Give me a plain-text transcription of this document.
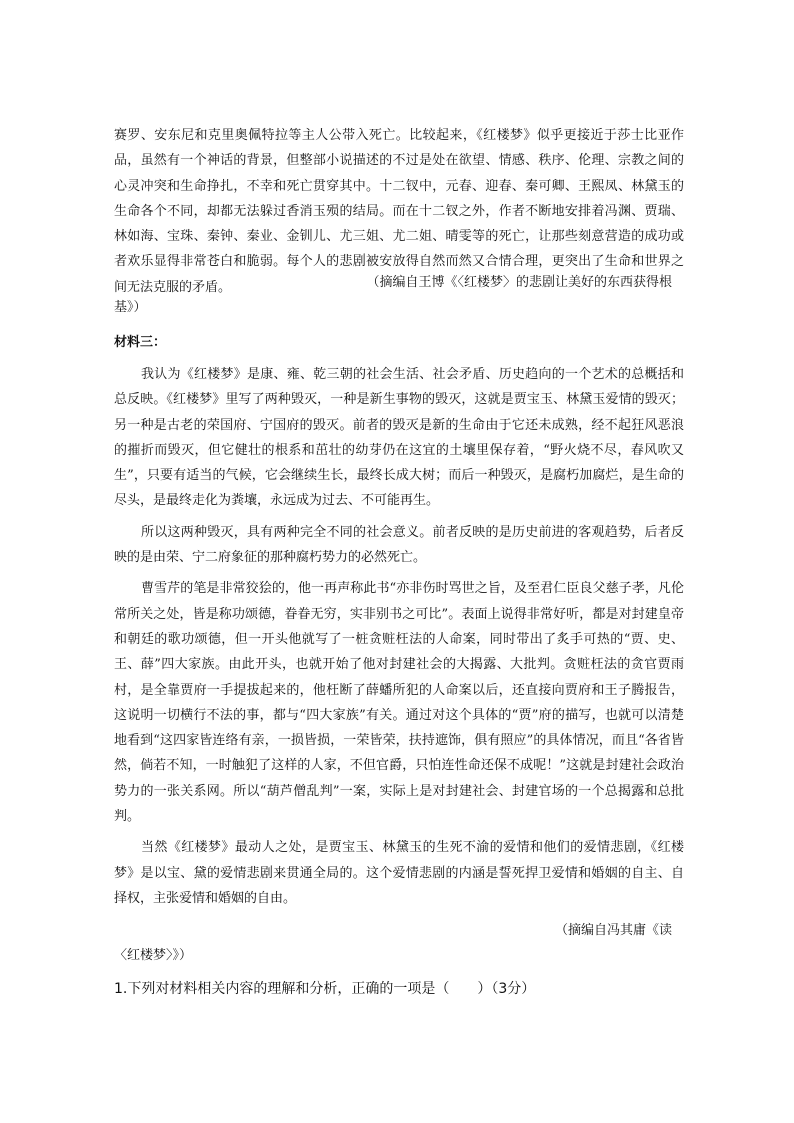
赛罗、安东尼和克里奥佩特拉等主人公带入死亡。比较起来，《红楼梦》似乎更接近于莎士比亚作品，虽然有一个神话的背景，但整部小说描述的不过是处在欲望、情感、秩序、伦理、宗教之间的心灵冲突和生命挣扎，不幸和死亡贯穿其中。十二钗中，元春、迎春、秦可卿、王熙凤、林黛玉的生命各个不同，却都无法躲过香消玉殒的结局。而在十二钗之外，作者不断地安排着冯渊、贾瑞、林如海、宝珠、秦钟、秦业、金钏儿、尤三姐、尤二姐、晴雯等的死亡，让那些刻意营造的成功或者欢乐显得非常苍白和脆弱。每个人的悲剧被安放得自然而然又合情合理，更突出了生命和世界之间无法克服的矛盾。	（摘编自王博《〈红楼梦〉的悲剧让美好的东西获得根
基》）

材料三：

我认为《红楼梦》是康、雍、乾三朝的社会生活、社会矛盾、历史趋向的一个艺术的总概括和总反映。《红楼梦》里写了两种毁灭，一种是新生事物的毁灭，这就是贾宝玉、林黛玉爱情的毁灭；另一种是古老的荣国府、宁国府的毁灭。前者的毁灭是新的生命由于它还未成熟，经不起狂风恶浪的摧折而毁灭，但它健壮的根系和茁壮的幼芽仍在这宜的土壤里保存着，“野火烧不尽，春风吹又生”，只要有适当的气候，它会继续生长，最终长成大树；而后一种毁灭，是腐朽加腐烂，是生命的尽头，是最终走化为粪壤，永远成为过去、不可能再生。

所以这两种毁灭，具有两种完全不同的社会意义。前者反映的是历史前进的客观趋势，后者反映的是由荣、宁二府象征的那种腐朽势力的必然死亡。

曹雪芹的笔是非常狡狯的，他一再声称此书“亦非伤时骂世之旨，及至君仁臣良父慈子孝，凡伦常所关之处，皆是称功颂德，眷眷无穷，实非别书之可比”。表面上说得非常好听，都是对封建皇帝和朝廷的歌功颂德，但一开头他就写了一桩贪赃枉法的人命案，同时带出了炙手可热的“贾、史、王、薛”四大家族。由此开头，也就开始了他对封建社会的大揭露、大批判。贪赃枉法的贪官贾雨村，是全靠贾府一手提拔起来的，他枉断了薛蟠所犯的人命案以后，还直接向贾府和王子腾报告，这说明一切横行不法的事，都与“四大家族”有关。通过对这个具体的“贾”府的描写，也就可以清楚地看到“这四家皆连络有亲，一损皆损，一荣皆荣，扶持遮饰，俱有照应”的具体情况，而且“各省皆然，倘若不知，一时触犯了这样的人家，不但官爵，只怕连性命还保不成呢！”这就是封建社会政治势力的一张关系网。所以“葫芦僧乱判”一案，实际上是对封建社会、封建官场的一个总揭露和总批判。

当然《红楼梦》最动人之处，是贾宝玉、林黛玉的生死不渝的爱情和他们的爱情悲剧，《红楼梦》是以宝、黛的爱情悲剧来贯通全局的。这个爱情悲剧的内涵是誓死捍卫爱情和婚姻的自主、自择权，主张爱情和婚姻的自由。

（摘编自冯其庸《读
〈红楼梦〉》）

1.下列对材料相关内容的理解和分析，正确的一项是（　　）（3分）
